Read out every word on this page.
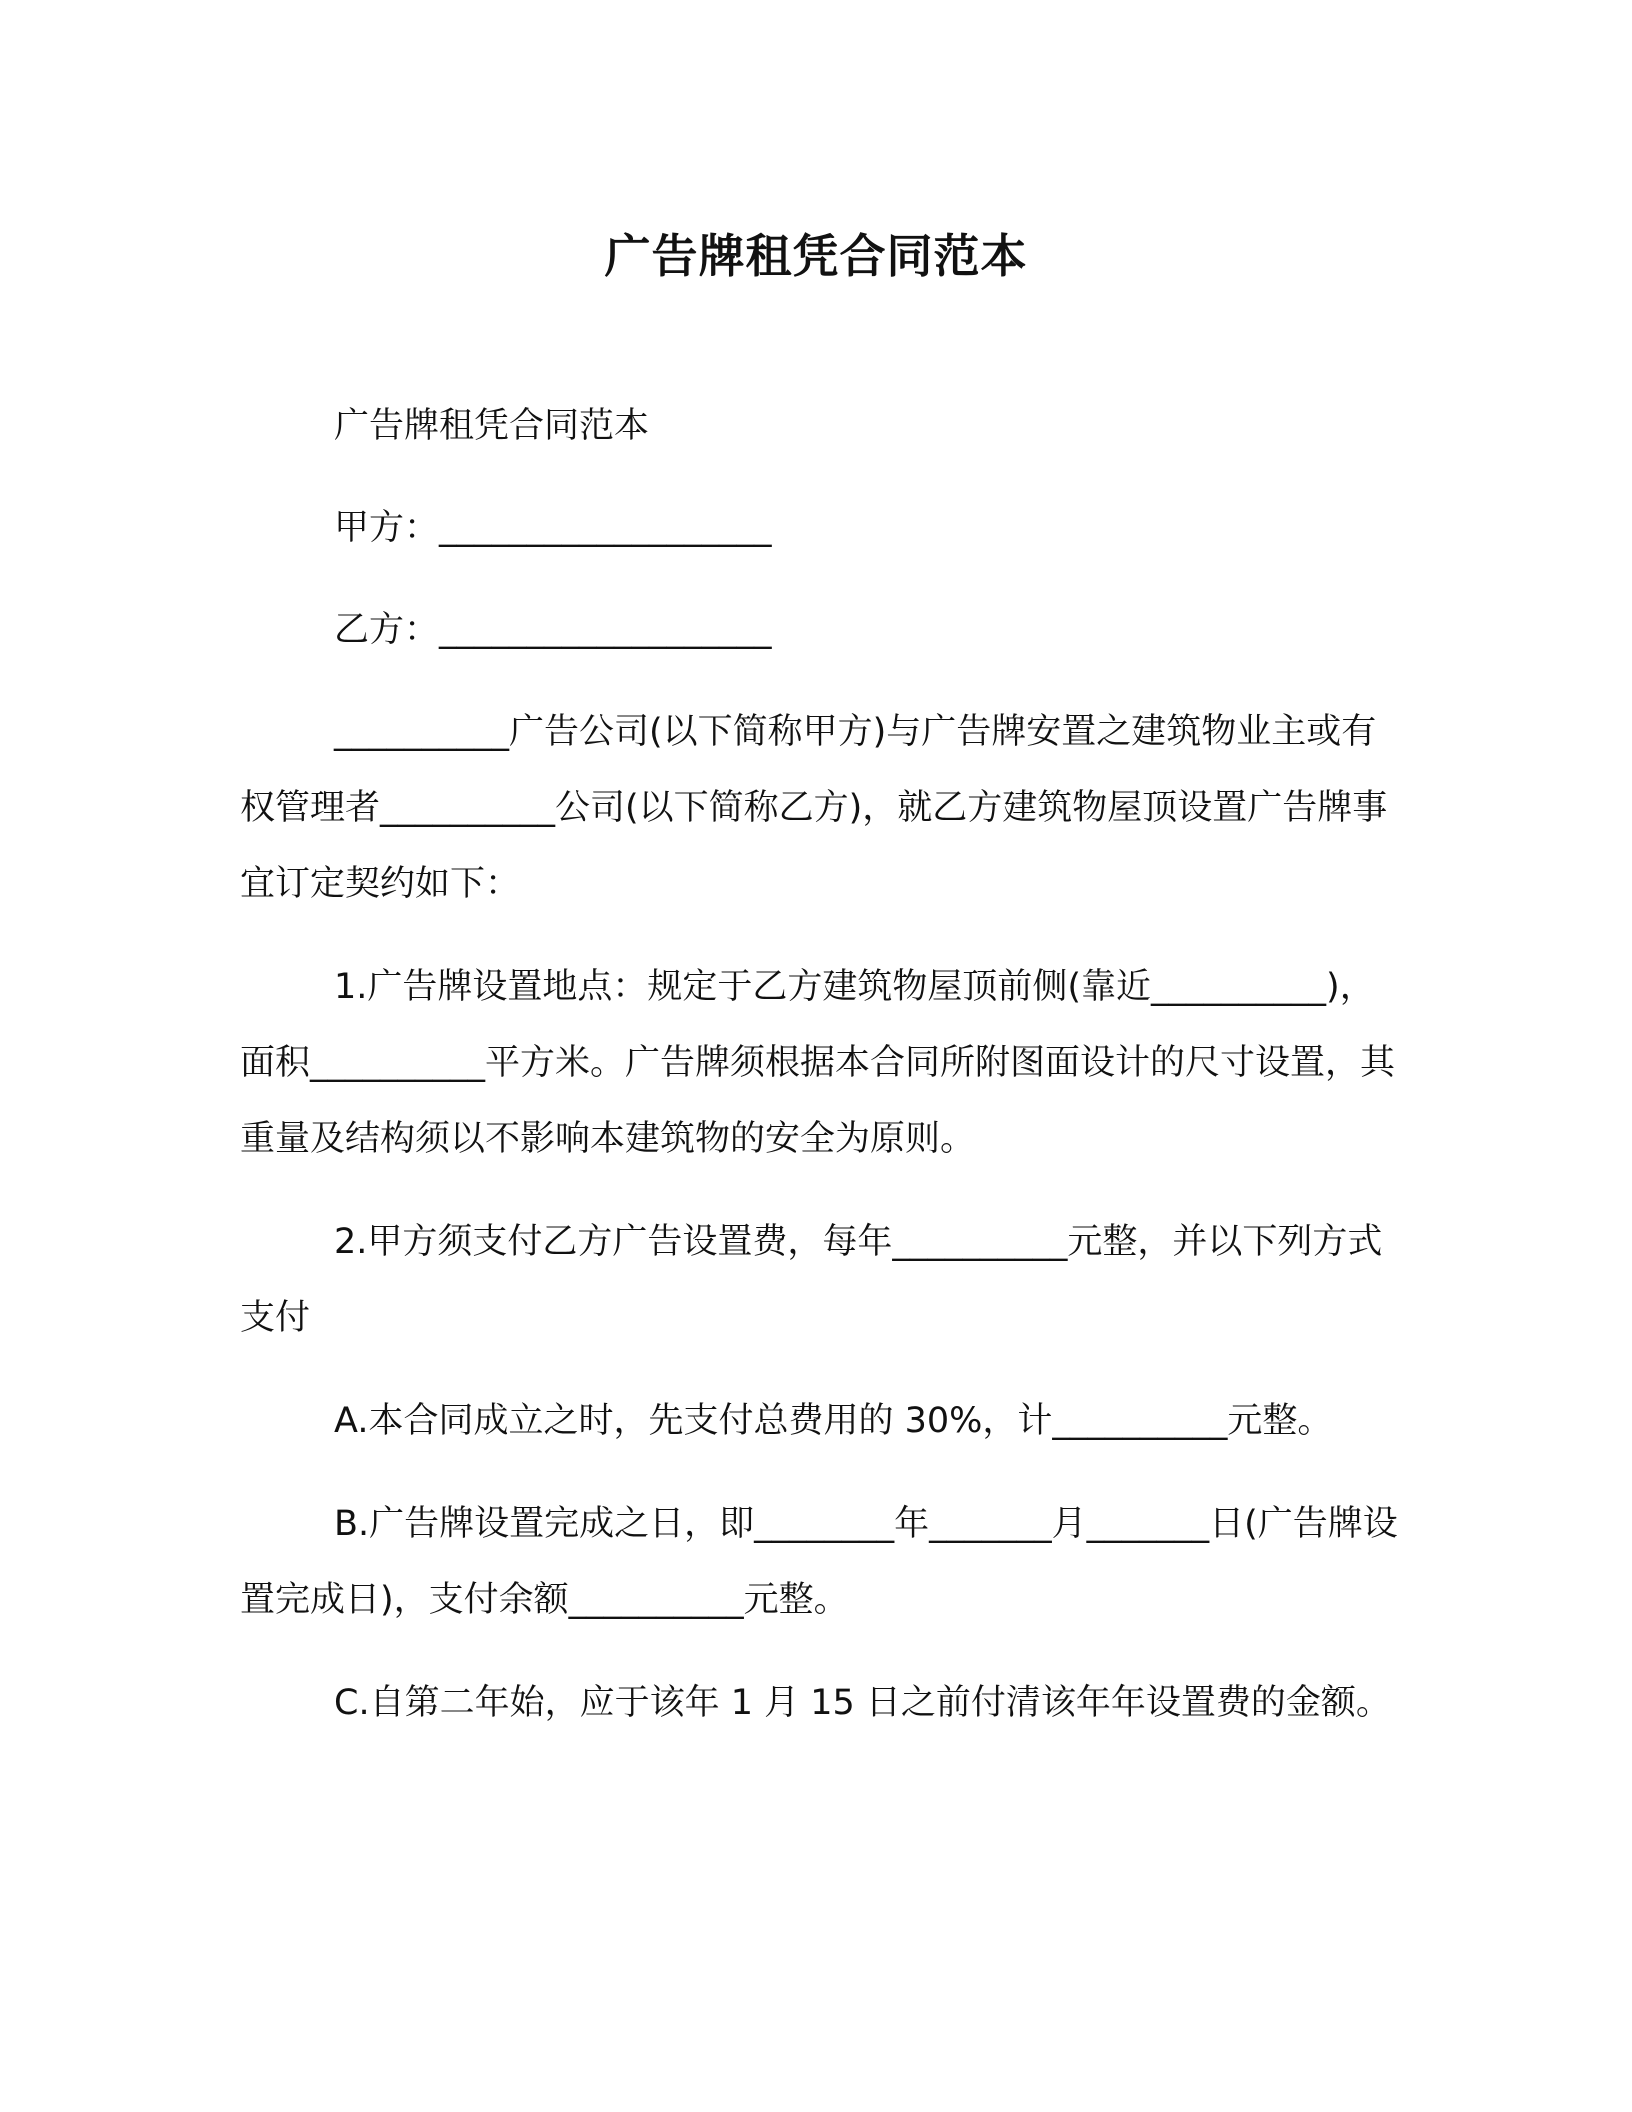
广告牌租凭合同范本

广告牌租凭合同范本

甲方：___________________

乙方：___________________

__________广告公司(以下简称甲方)与广告牌安置之建筑物业主或有权管理者__________公司(以下简称乙方)，就乙方建筑物屋顶设置广告牌事宜订定契约如下：

1.广告牌设置地点：规定于乙方建筑物屋顶前侧(靠近__________)，面积__________平方米。广告牌须根据本合同所附图面设计的尺寸设置，其重量及结构须以不影响本建筑物的安全为原则。

2.甲方须支付乙方广告设置费，每年__________元整，并以下列方式支付

A.本合同成立之时，先支付总费用的 30%，计__________元整。

B.广告牌设置完成之日，即________年_______月_______日(广告牌设置完成日)，支付余额__________元整。

C.自第二年始，应于该年 1 月 15 日之前付清该年年设置费的金额。
